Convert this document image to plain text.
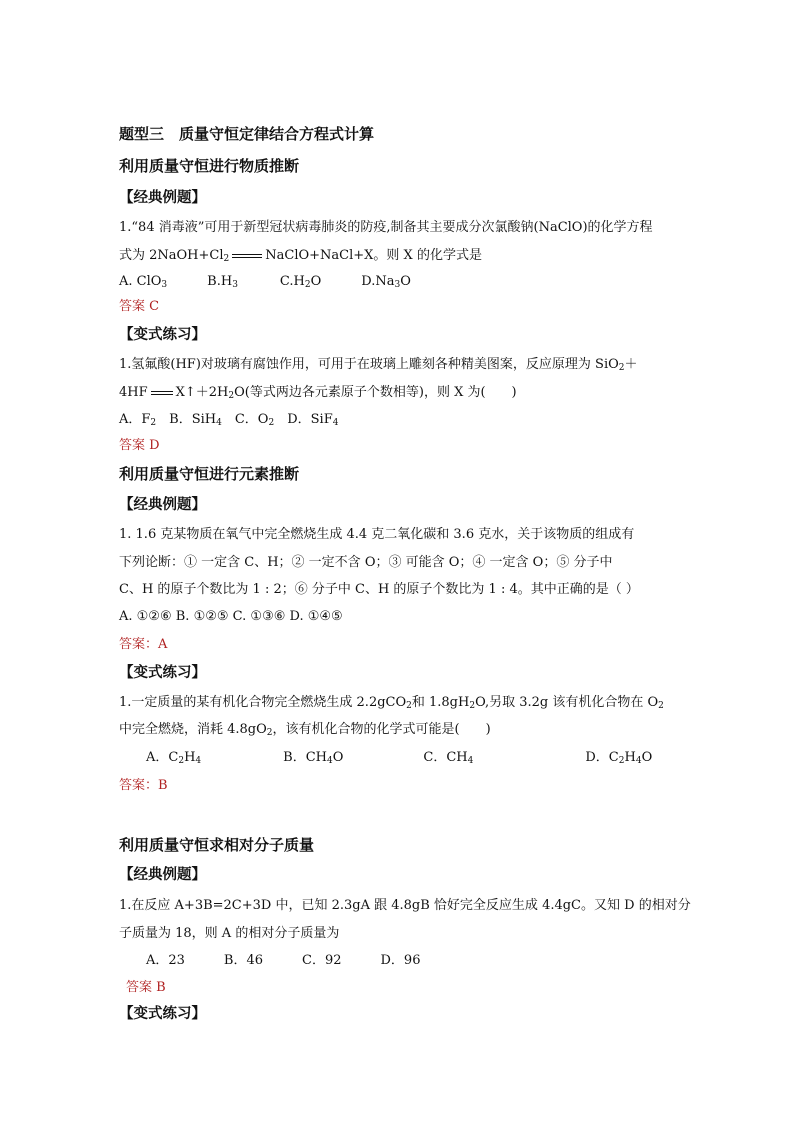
题型三　质量守恒定律结合方程式计算
利用质量守恒进行物质推断
【经典例题】
1.“84 消毒液”可用于新型冠状病毒肺炎的防疫,制备其主要成分次氯酸钠(NaClO)的化学方程
式为 $2NaOH+Cl_2$	NaClO+NaCl+X。则 X 的化学式是
A. ClO$_3$	$B.H_3$	$C.H_2O$	$D.Na_3O$
答案 C
【变式练习】
1.氢氟酸(HF)对玻璃有腐蚀作用，可用于在玻璃上雕刻各种精美图案，反应原理为 SiO$_2$＋
4HF $X↑+2H_2O$(等式两边各元素原子个数相等)，则 X 为(　　)
A．$F_2$　B．SiH$_4$　C．$O_2$　D．SiF$_4$
答案 D
利用质量守恒进行元素推断
【经典例题】
1. 1.6 克某物质在氧气中完全燃烧生成 4.4 克二氧化碳和 3.6 克水，关于该物质的组成有
下列论断：① 一定含 C、H；② 一定不含 O；③ 可能含 O；④ 一定含 O；⑤ 分子中
C、H 的原子个数比为 1 : 2；⑥ 分子中 C、H 的原子个数比为 1 : 4。其中正确的是（ ）
A. ①②⑥ B. ①②⑤ C. ①③⑥ D. ①④⑤
答案：A
【变式练习】
1.一定质量的某有机化合物完全燃烧生成 2.2gCO$_2$和 $1.8gH_2O$,另取 3.2g 该有机化合物在 $O_2$
中完全燃烧，消耗 $4.8gO_2$，该有机化合物的化学式可能是(　　)
A．$C_2H_4$	B．$CH_4O$	C．$CH_4$	D．$C_2H_4O$
答案：B
利用质量守恒求相对分子质量
【经典例题】
1.在反应 A+3B=2C+3D 中，已知 2.3gA 跟 4.8gB 恰好完全反应生成 4.4gC。又知 D 的相对分
子质量为 18，则 A 的相对分子质量为
A．23　　　B．46　　　C．92　　　D．96
答案 B
【变式练习】
